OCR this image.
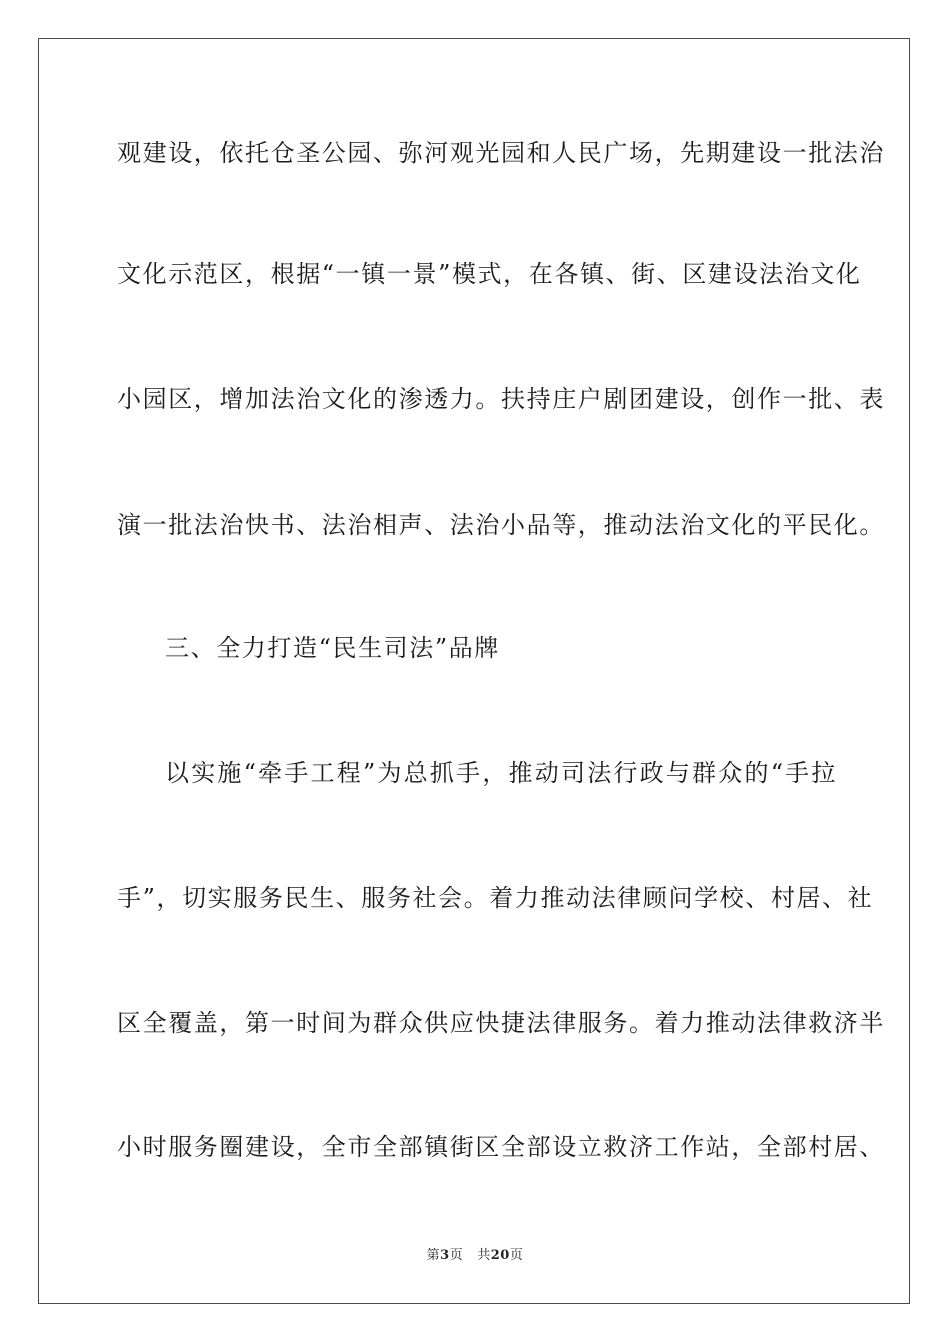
观建设，依托仓圣公园、弥河观光园和人民广场，先期建设一批法治
文化示范区，根据“一镇一景”模式，在各镇、街、区建设法治文化
小园区，增加法治文化的渗透力。扶持庄户剧团建设，创作一批、表
演一批法治快书、法治相声、法治小品等，推动法治文化的平民化。
三、全力打造“民生司法”品牌
以实施“牵手工程”为总抓手，推动司法行政与群众的“手拉
手”，切实服务民生、服务社会。着力推动法律顾问学校、村居、社
区全覆盖，第一时间为群众供应快捷法律服务。着力推动法律救济半
小时服务圈建设，全市全部镇街区全部设立救济工作站，全部村居、
第3页 共20页
